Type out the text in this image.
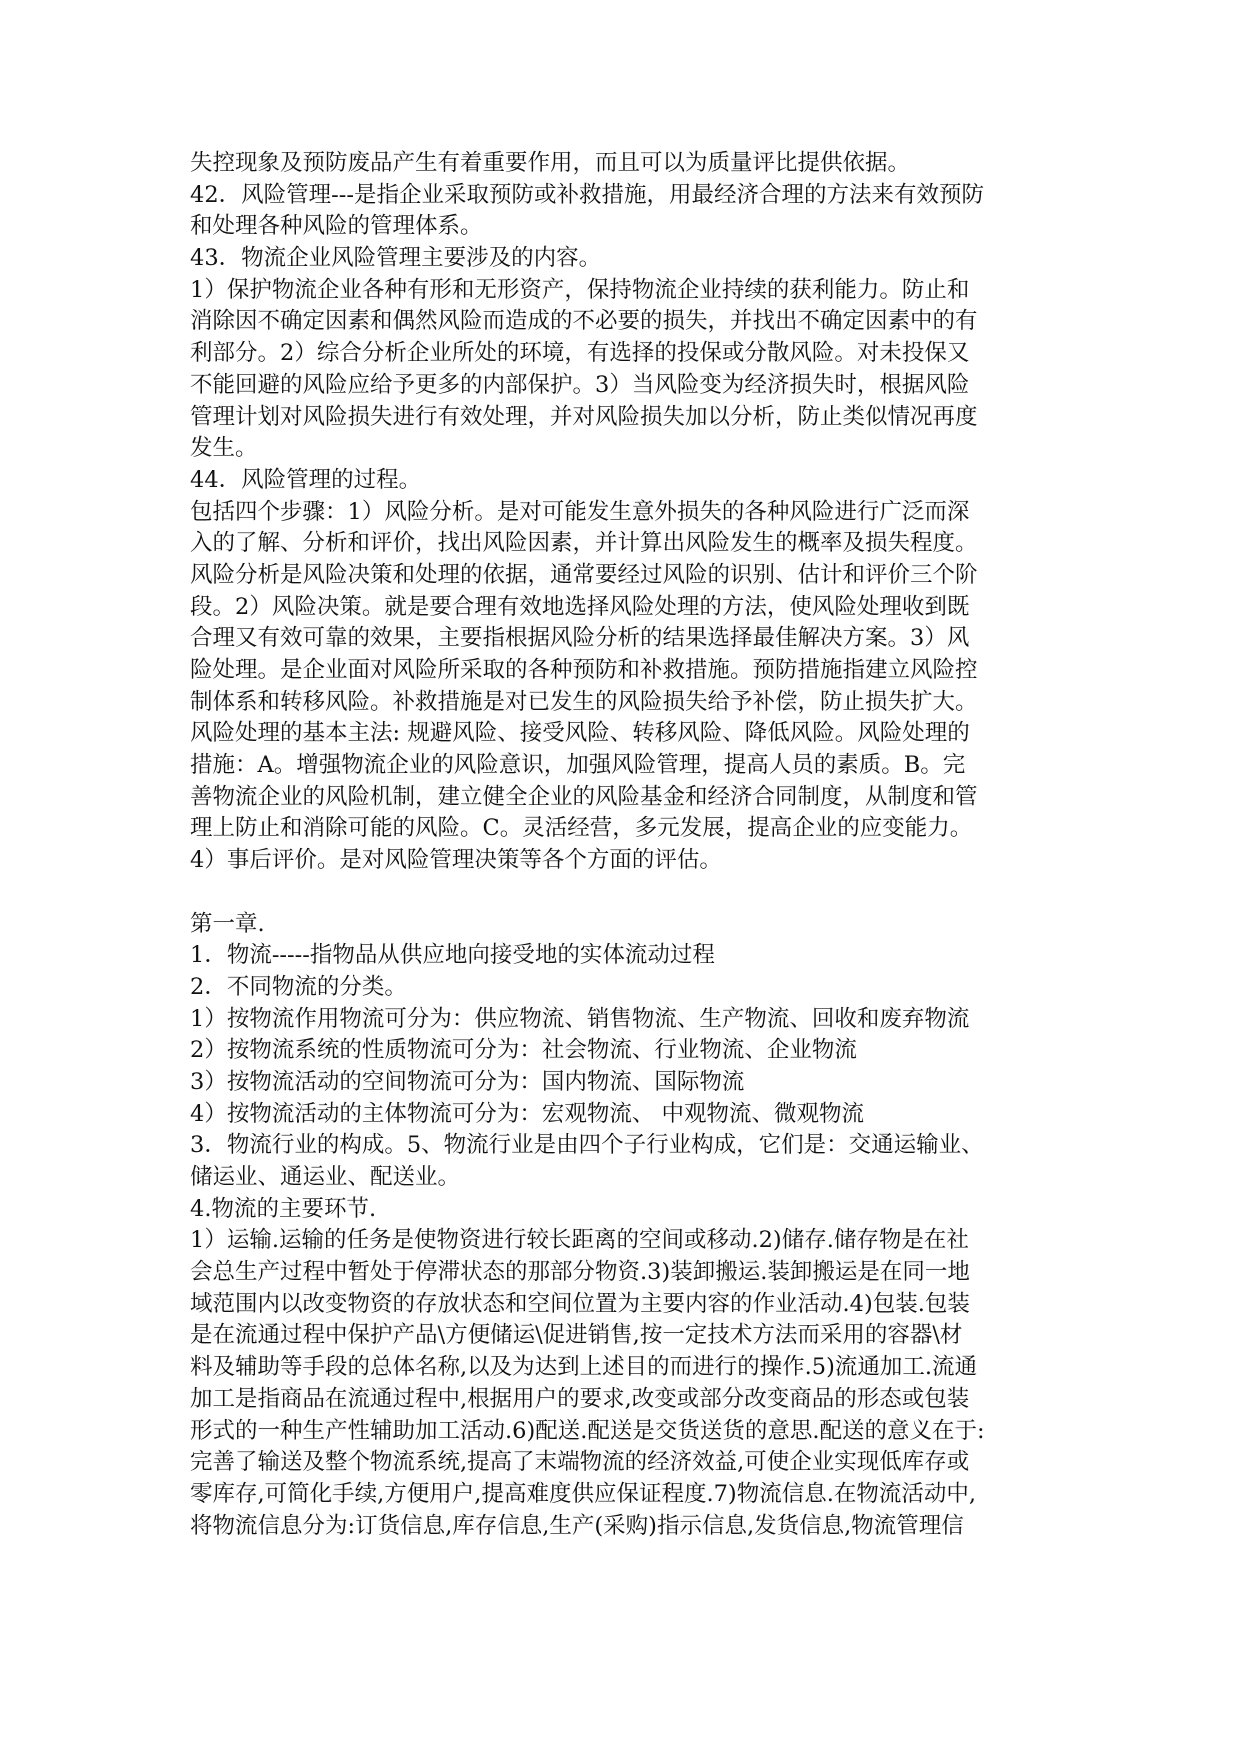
失控现象及预防废品产生有着重要作用，而且可以为质量评比提供依据。
42．风险管理---是指企业采取预防或补救措施，用最经济合理的方法来有效预防
和处理各种风险的管理体系。
43．物流企业风险管理主要涉及的内容。
1）保护物流企业各种有形和无形资产，保持物流企业持续的获利能力。防止和
消除因不确定因素和偶然风险而造成的不必要的损失，并找出不确定因素中的有
利部分。2）综合分析企业所处的环境，有选择的投保或分散风险。对未投保又
不能回避的风险应给予更多的内部保护。3）当风险变为经济损失时，根据风险
管理计划对风险损失进行有效处理，并对风险损失加以分析，防止类似情况再度
发生。
44．风险管理的过程。
包括四个步骤：1）风险分析。是对可能发生意外损失的各种风险进行广泛而深
入的了解、分析和评价，找出风险因素，并计算出风险发生的概率及损失程度。
风险分析是风险决策和处理的依据，通常要经过风险的识别、估计和评价三个阶
段。2）风险决策。就是要合理有效地选择风险处理的方法，使风险处理收到既
合理又有效可靠的效果，主要指根据风险分析的结果选择最佳解决方案。3）风
险处理。是企业面对风险所采取的各种预防和补救措施。预防措施指建立风险控
制体系和转移风险。补救措施是对已发生的风险损失给予补偿，防止损失扩大。
风险处理的基本主法: 规避风险、接受风险、转移风险、降低风险。风险处理的
措施：A。增强物流企业的风险意识，加强风险管理，提高人员的素质。B。完
善物流企业的风险机制，建立健全企业的风险基金和经济合同制度，从制度和管
理上防止和消除可能的风险。C。灵活经营，多元发展，提高企业的应变能力。
4）事后评价。是对风险管理决策等各个方面的评估。
第一章.
1．物流-----指物品从供应地向接受地的实体流动过程
2．不同物流的分类。
1）按物流作用物流可分为：供应物流、销售物流、生产物流、回收和废弃物流
2）按物流系统的性质物流可分为：社会物流、行业物流、企业物流
3）按物流活动的空间物流可分为：国内物流、国际物流
4）按物流活动的主体物流可分为：宏观物流、 中观物流、微观物流
3．物流行业的构成。5、物流行业是由四个子行业构成，它们是：交通运输业、
储运业、通运业、配送业。
4.物流的主要环节.
1）运输.运输的任务是使物资进行较长距离的空间或移动.2)储存.储存物是在社
会总生产过程中暂处于停滞状态的那部分物资.3)装卸搬运.装卸搬运是在同一地
域范围内以改变物资的存放状态和空间位置为主要内容的作业活动.4)包装.包装
是在流通过程中保护产品\方便储运\促进销售,按一定技术方法而采用的容器\材
料及辅助等手段的总体名称,以及为达到上述目的而进行的操作.5)流通加工.流通
加工是指商品在流通过程中,根据用户的要求,改变或部分改变商品的形态或包装
形式的一种生产性辅助加工活动.6)配送.配送是交货送货的意思.配送的意义在于:
完善了输送及整个物流系统,提高了末端物流的经济效益,可使企业实现低库存或
零库存,可简化手续,方便用户,提高难度供应保证程度.7)物流信息.在物流活动中,
将物流信息分为:订货信息,库存信息,生产(采购)指示信息,发货信息,物流管理信
